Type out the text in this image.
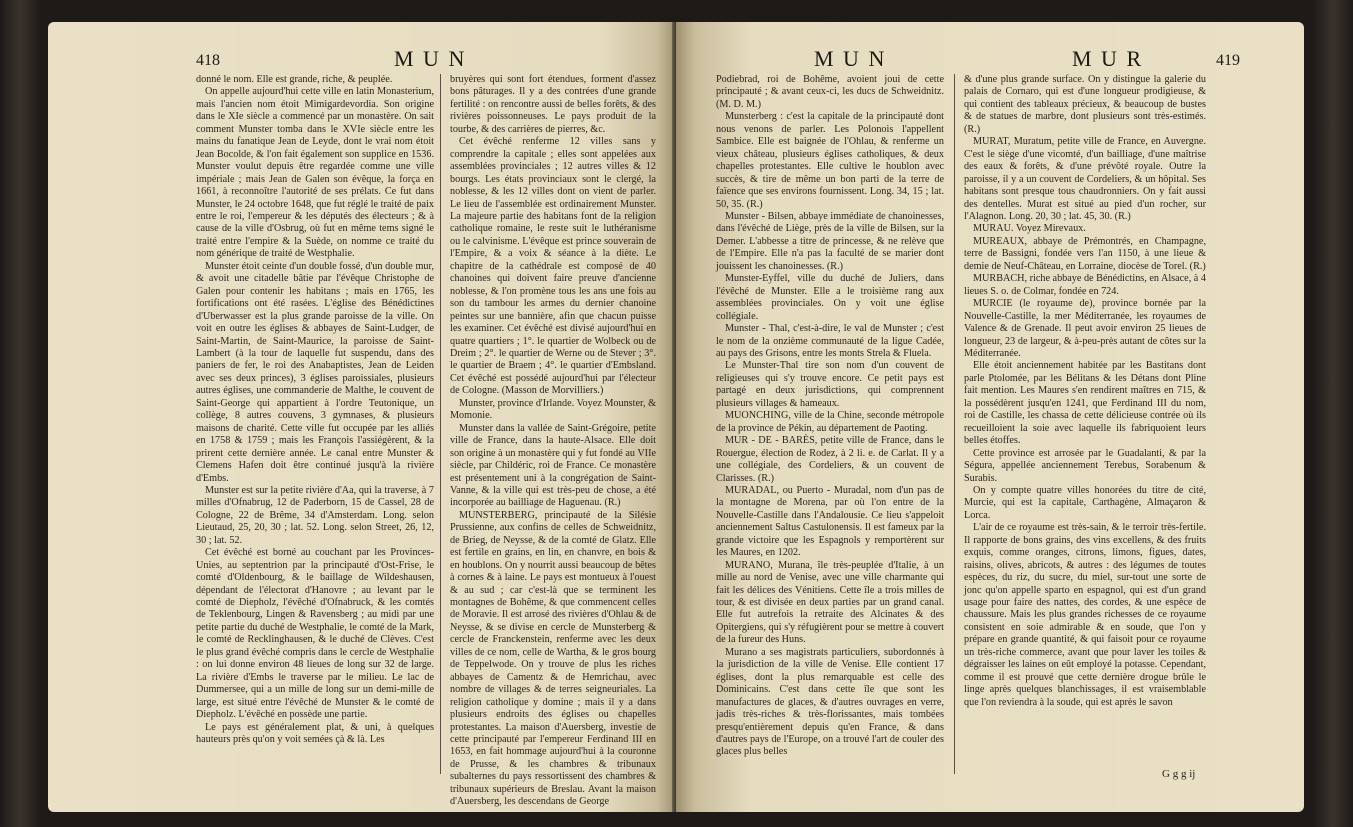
418	M U N

donné le nom. Elle est grande, riche, & peuplée.

On appelle aujourd'hui cette ville en latin Monasterium, mais l'ancien nom étoit Mimigardevordia. Son origine dans le XIe siècle a commencé par un monastère. On sait comment Munster tomba dans le XVIe siècle entre les mains du fanatique Jean de Leyde, dont le vrai nom étoit Jean Bocolde, & l'on fait également son supplice en 1536. Munster voulut depuis être regardée comme une ville impériale ; mais Jean de Galen son évêque, la força en 1661, à reconnoître l'autorité de ses prélats. Ce fut dans Munster, le 24 octobre 1648, que fut réglé le traité de paix entre le roi, l'empereur & les députés des électeurs ; & à cause de la ville d'Osbrug, où fut en même tems signé le traité entre l'empire & la Suède, on nomme ce traité du nom générique de traité de Westphalie.

Munster étoit ceinte d'un double fossé, d'un double mur, & avoit une citadelle bâtie par l'évêque Christophe de Galen pour contenir les habitans ; mais en 1765, les fortifications ont été rasées. L'église des Bénédictines d'Uberwasser est la plus grande paroisse de la ville. On voit en outre les églises & abbayes de Saint-Ludger, de Saint-Martin, de Saint-Maurice, la paroisse de Saint-Lambert (à la tour de laquelle fut suspendu, dans des paniers de fer, le roi des Anabaptistes, Jean de Leiden avec ses deux princes), 3 églises paroissiales, plusieurs autres églises, une commanderie de Malthe, le couvent de Saint-George qui appartient à l'ordre Teutonique, un collège, 8 autres couvens, 3 gymnases, & plusieurs maisons de charité. Cette ville fut occupée par les alliés en 1758 & 1759 ; mais les François l'assiégèrent, & la prirent cette dernière année. Le canal entre Munster & Clemens Hafen doit être continué jusqu'à la rivière d'Embs.

Munster est sur la petite rivière d'Aa, qui la traverse, à 7 milles d'Ofnabrug, 12 de Paderborn, 15 de Cassel, 28 de Cologne, 22 de Brême, 34 d'Amsterdam. Long. selon Lieutaud, 25, 20, 30 ; lat. 52. Long. selon Street, 26, 12, 30 ; lat. 52.

Cet évêché est borné au couchant par les Provinces-Unies, au septentrion par la principauté d'Ost-Frise, le comté d'Oldenbourg, & le baillage de Wildeshausen, dépendant de l'électorat d'Hanovre ; au levant par le comté de Diepholz, l'évêché d'Ofnabruck, & les comtés de Teklenbourg, Lingen & Ravensberg ; au midi par une petite partie du duché de Westphalie, le comté de la Mark, le comté de Recklinghausen, & le duché de Clèves. C'est le plus grand évêché compris dans le cercle de Westphalie : on lui donne environ 48 lieues de long sur 32 de large. La rivière d'Embs le traverse par le milieu. Le lac de Dummersee, qui a un mille de long sur un demi-mille de large, est situé entre l'évêché de Munster & le comté de Diepholz. L'évêché en possède une partie.

Le pays est généralement plat, & uni, à quelques hauteurs près qu'on y voit semées çà & là. Les

bruyères qui sont fort étendues, forment d'assez bons pâturages. Il y a des contrées d'une grande fertilité : on rencontre aussi de belles forêts, & des rivières poissonneuses. Le pays produit de la tourbe, & des carrières de pierres, &c.

Cet évêché renferme 12 villes sans y comprendre la capitale ; elles sont appelées aux assemblées provinciales ; 12 autres villes & 12 bourgs. Les états provinciaux sont le clergé, la noblesse, & les 12 villes dont on vient de parler. Le lieu de l'assemblée est ordinairement Munster. La majeure partie des habitans font de la religion catholique romaine, le reste suit le luthéranisme ou le calvinisme. L'évêque est prince souverain de l'Empire, & a voix & séance à la diète. Le chapitre de la cathédrale est composé de 40 chanoines qui doivent faire preuve d'ancienne noblesse, & l'on promène tous les ans une fois au son du tambour les armes du dernier chanoine peintes sur une bannière, afin que chacun puisse les examiner. Cet évêché est divisé aujourd'hui en quatre quartiers ; 1°. le quartier de Wolbeck ou de Dreim ; 2°. le quartier de Werne ou de Stever ; 3°. le quartier de Braem ; 4°. le quartier d'Embsland. Cet évêché est possédé aujourd'hui par l'électeur de Cologne. (Masson de Morvilliers.)

Munster, province d'Irlande. Voyez Mounster, & Momonie.

Munster dans la vallée de Saint-Grégoire, petite ville de France, dans la haute-Alsace. Elle doit son origine à un monastère qui y fut fondé au VIIe siècle, par Childéric, roi de France. Ce monastère est présentement uni à la congrégation de Saint-Vanne, & la ville qui est très-peu de chose, a été incorporée au bailliage de Haguenau. (R.)

MUNSTERBERG, principauté de la Silésie Prussienne, aux confins de celles de Schweidnitz, de Brieg, de Neysse, & de la comté de Glatz. Elle est fertile en grains, en lin, en chanvre, en bois & en houblons. On y nourrit aussi beaucoup de bêtes à cornes & à laine. Le pays est montueux à l'ouest & au sud ; car c'est-là que se terminent les montagnes de Bohême, & que commencent celles de Moravie. Il est arrosé des rivières d'Ohlau & de Neysse, & se divise en cercle de Munsterberg & cercle de Franckenstein, renferme avec les deux villes de ce nom, celle de Wartha, & le gros bourg de Teppelwode. On y trouve de plus les riches abbayes de Camentz & de Hemrichau, avec nombre de villages & de terres seigneuriales. La religion catholique y domine ; mais il y a dans plusieurs endroits des églises ou chapelles protestantes. La maison d'Auersberg, investie de cette principauté par l'empereur Ferdinand III en 1653, en fait hommage aujourd'hui à la couronne de Prusse, & les chambres & tribunaux subalternes du pays ressortissent des chambres & tribunaux supérieurs de Breslau. Avant la maison d'Auersberg, les descendans de George

M U N	M U R	419

Podiebrad, roi de Bohême, avoient joui de cette principauté ; & avant ceux-ci, les ducs de Schweidnitz. (M. D. M.)

Munsterberg : c'est la capitale de la principauté dont nous venons de parler. Les Polonois l'appellent Sambice. Elle est baignée de l'Ohlau, & renferme un vieux château, plusieurs églises catholiques, & deux chapelles protestantes. Elle cultive le houblon avec succès, & tire de même un bon parti de la terre de faïence que ses environs fournissent. Long. 34, 15 ; lat. 50, 35. (R.)

Munster - Bilsen, abbaye immédiate de chanoinesses, dans l'évêché de Liège, près de la ville de Bilsen, sur la Demer. L'abbesse a titre de princesse, & ne relève que de l'Empire. Elle n'a pas la faculté de se marier dont jouissent les chanoinesses. (R.)

Munster-Eyffel, ville du duché de Juliers, dans l'évêché de Munster. Elle a le troisième rang aux assemblées provinciales. On y voit une église collégiale.

Munster - Thal, c'est-à-dire, le val de Munster ; c'est le nom de la onzième communauté de la ligue Cadée, au pays des Grisons, entre les monts Strela & Fluela.

Le Munster-Thal tire son nom d'un couvent de religieuses qui s'y trouve encore. Ce petit pays est partagé en deux jurisdictions, qui comprennent plusieurs villages & hameaux.

MUONCHING, ville de la Chine, seconde métropole de la province de Pékin, au département de Paoting.

MUR - DE - BARÈS, petite ville de France, dans le Rouergue, élection de Rodez, à 2 li. e. de Carlat. Il y a une collégiale, des Cordeliers, & un couvent de Clarisses. (R.)

MURADAL, ou Puerto - Muradal, nom d'un pas de la montagne de Morena, par où l'on entre de la Nouvelle-Castille dans l'Andalousie. Ce lieu s'appeloit anciennement Saltus Castulonensis. Il est fameux par la grande victoire que les Espagnols y remportèrent sur les Maures, en 1202.

MURANO, Murana, île très-peuplée d'Italie, à un mille au nord de Venise, avec une ville charmante qui fait les délices des Vénitiens. Cette île a trois milles de tour, & est divisée en deux parties par un grand canal. Elle fut autrefois la retraite des Alcinates & des Opitergiens, qui s'y réfugièrent pour se mettre à couvert de la fureur des Huns.

Murano a ses magistrats particuliers, subordonnés à la jurisdiction de la ville de Venise. Elle contient 17 églises, dont la plus remarquable est celle des Dominicains. C'est dans cette île que sont les manufactures de glaces, & d'autres ouvrages en verre, jadis très-riches & très-florissantes, mais tombées presqu'entièrement depuis qu'en France, & dans d'autres pays de l'Europe, on a trouvé l'art de couler des glaces plus belles

& d'une plus grande surface. On y distingue la galerie du palais de Cornaro, qui est d'une longueur prodigieuse, & qui contient des tableaux précieux, & beaucoup de bustes & de statues de marbre, dont plusieurs sont très-estimés. (R.)

MURAT, Muratum, petite ville de France, en Auvergne. C'est le siège d'une vicomté, d'un bailliage, d'une maîtrise des eaux & forêts, & d'une prévôté royale. Outre la paroisse, il y a un couvent de Cordeliers, & un hôpital. Ses habitans sont presque tous chaudronniers. On y fait aussi des dentelles. Murat est situé au pied d'un rocher, sur l'Alagnon. Long. 20, 30 ; lat. 45, 30. (R.)

MURAU. Voyez Mirevaux.

MUREAUX, abbaye de Prémontrés, en Champagne, terre de Bassigni, fondée vers l'an 1150, à une lieue & demie de Neuf-Château, en Lorraine, diocèse de Torel. (R.)

MURBACH, riche abbaye de Bénédictins, en Alsace, à 4 lieues S. o. de Colmar, fondée en 724.

MURCIE (le royaume de), province bornée par la Nouvelle-Castille, la mer Méditerranée, les royaumes de Valence & de Grenade. Il peut avoir environ 25 lieues de longueur, 23 de largeur, & à-peu-près autant de côtes sur la Méditerranée.

Elle étoit anciennement habitée par les Bastitans dont parle Ptolomée, par les Bélitans & les Détans dont Pline fait mention. Les Maures s'en rendirent maîtres en 715, & la possédèrent jusqu'en 1241, que Ferdinand III du nom, roi de Castille, les chassa de cette délicieuse contrée où ils recueilloient la soie avec laquelle ils fabriquoient leurs belles étoffes.

Cette province est arrosée par le Guadalanti, & par la Ségura, appellée anciennement Terebus, Sorabenum & Surabis.

On y compte quatre villes honorées du titre de cité, Murcie, qui est la capitale, Carthagène, Almaçaron & Lorca.

L'air de ce royaume est très-sain, & le terroir très-fertile. Il rapporte de bons grains, des vins excellens, & des fruits exquis, comme oranges, citrons, limons, figues, dates, raisins, olives, abricots, & autres : des légumes de toutes espèces, du riz, du sucre, du miel, sur-tout une sorte de jonc qu'on appelle sparto en espagnol, qui est d'un grand usage pour faire des nattes, des cordes, & une espèce de chaussure. Mais les plus grandes richesses de ce royaume consistent en soie admirable & en soude, que l'on y prépare en grande quantité, & qui faisoit pour ce royaume un très-riche commerce, avant que pour laver les toiles & dégraisser les laines on eût employé la potasse. Cependant, comme il est prouvé que cette dernière drogue brûle le linge après quelques blanchissages, il est vraisemblable que l'on reviendra à la soude, qui est après le savon

G g g ij
